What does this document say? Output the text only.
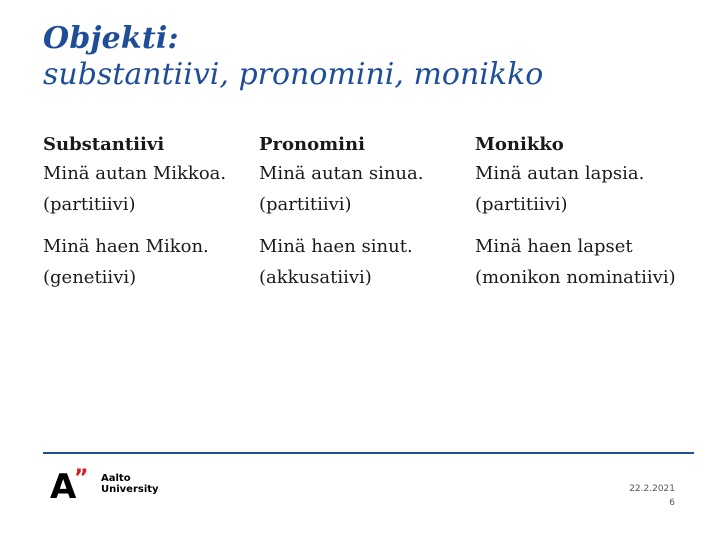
Objekti:
substantiivi, pronomini, monikko
Substantiivi
Minä autan Mikkoa.
(partitiivi)
Minä haen Mikon.
(genetiivi)
Pronomini
Minä autan sinua.
(partitiivi)
Minä haen sinut.
(akkusatiivi)
Monikko
Minä autan lapsia.
(partitiivi)
Minä haen lapset
(monikon nominatiivi)
A
” Aalto University	22.2.2021
6
